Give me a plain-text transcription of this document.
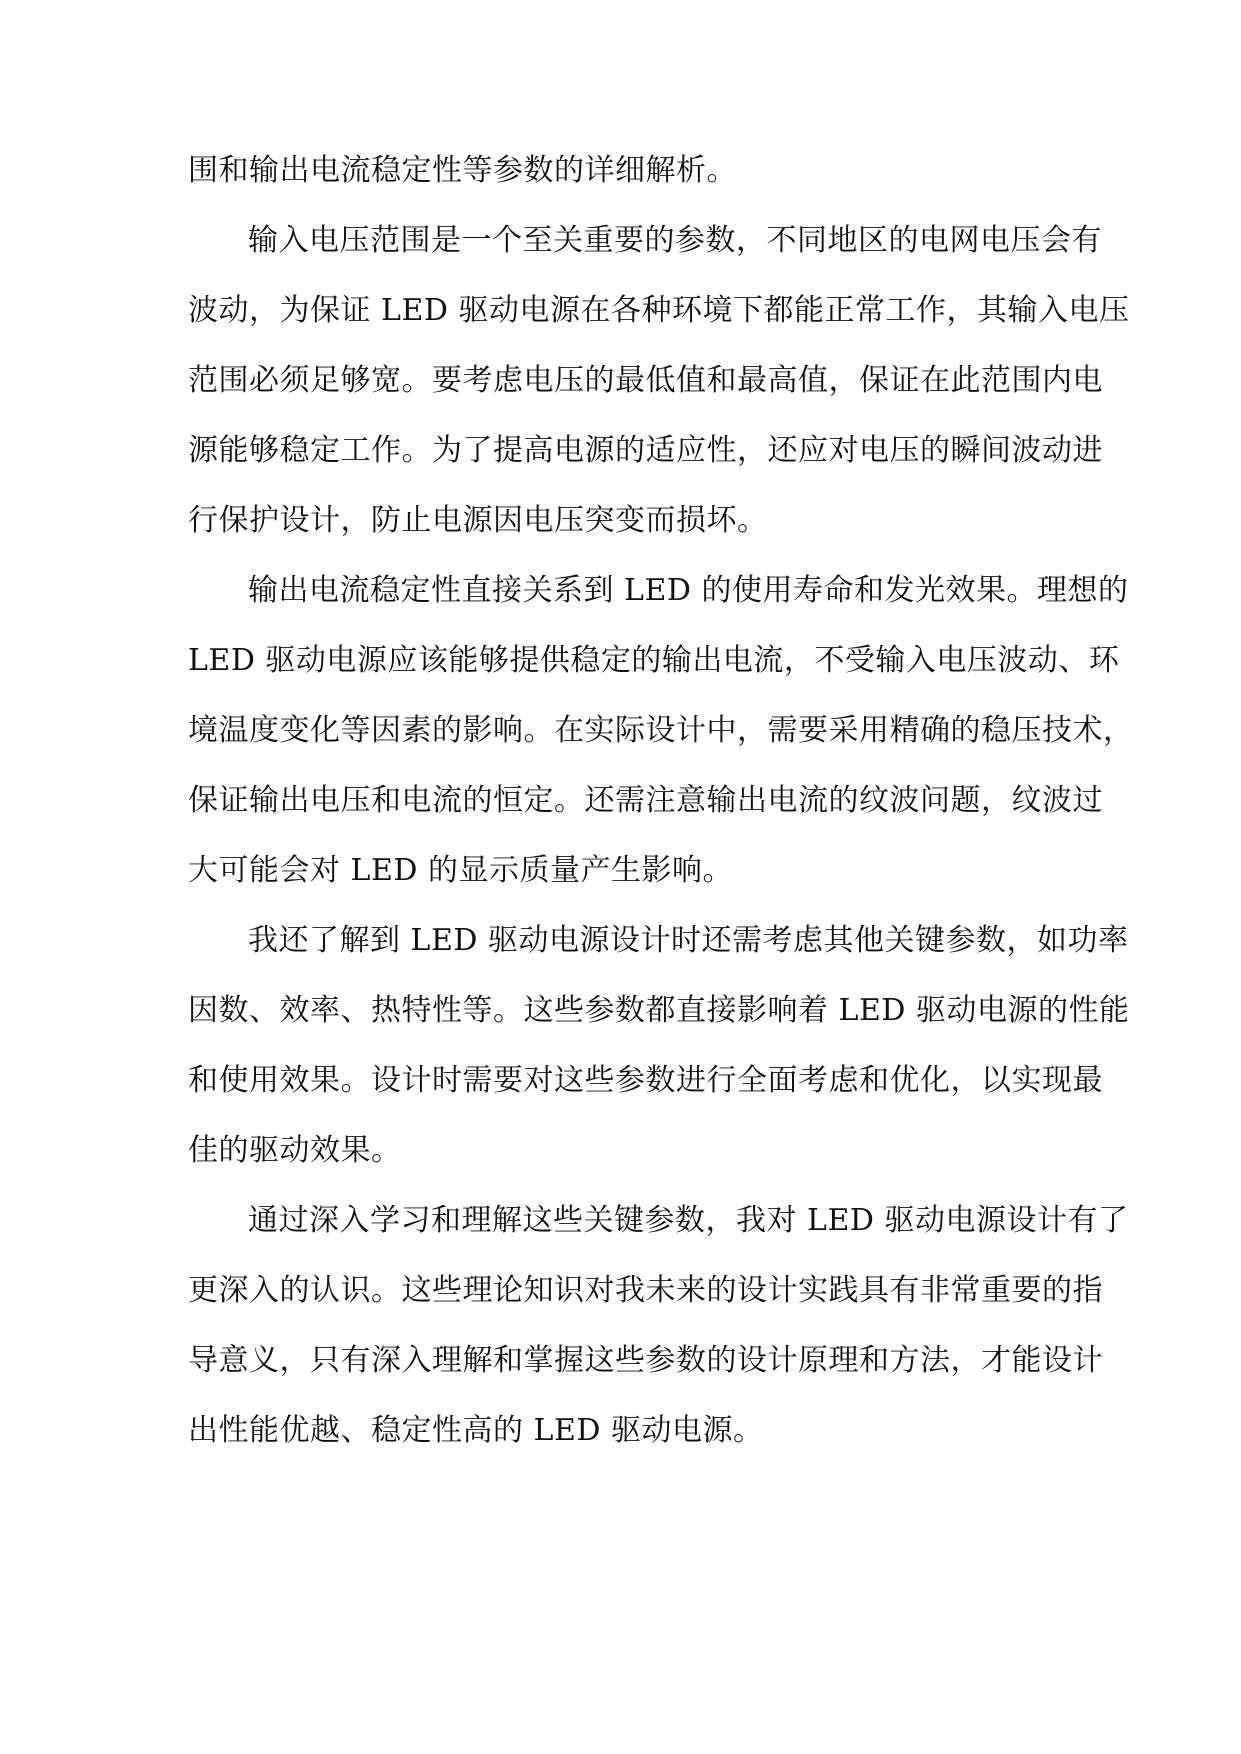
围和输出电流稳定性等参数的详细解析。

输入电压范围是一个至关重要的参数，不同地区的电网电压会有

波动，为保证 LED 驱动电源在各种环境下都能正常工作，其输入电压

范围必须足够宽。要考虑电压的最低值和最高值，保证在此范围内电

源能够稳定工作。为了提高电源的适应性，还应对电压的瞬间波动进

行保护设计，防止电源因电压突变而损坏。

输出电流稳定性直接关系到 LED 的使用寿命和发光效果。理想的

LED 驱动电源应该能够提供稳定的输出电流，不受输入电压波动、环

境温度变化等因素的影响。在实际设计中，需要采用精确的稳压技术，

保证输出电压和电流的恒定。还需注意输出电流的纹波问题，纹波过

大可能会对 LED 的显示质量产生影响。

我还了解到 LED 驱动电源设计时还需考虑其他关键参数，如功率

因数、效率、热特性等。这些参数都直接影响着 LED 驱动电源的性能

和使用效果。设计时需要对这些参数进行全面考虑和优化，以实现最

佳的驱动效果。

通过深入学习和理解这些关键参数，我对 LED 驱动电源设计有了

更深入的认识。这些理论知识对我未来的设计实践具有非常重要的指

导意义，只有深入理解和掌握这些参数的设计原理和方法，才能设计

出性能优越、稳定性高的 LED 驱动电源。
